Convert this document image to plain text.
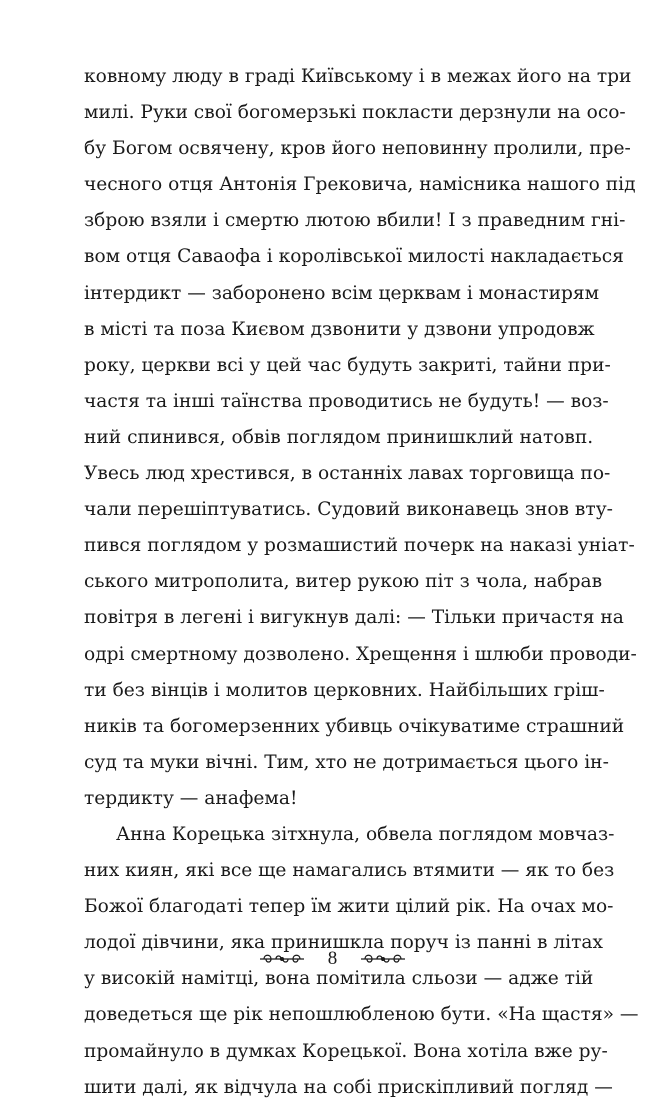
ковному люду в граді Київському і в межах його на три
милі. Руки свої богомерзькі покласти дерзнули на осо-
бу Богом освячену, кров його неповинну пролили, пре-
чесного отця Антонія Грековича, намісника нашого під
зброю взяли і смертю лютою вбили! І з праведним гні-
вом отця Саваофа і королівської милості накладається
інтердикт — заборонено всім церквам і монастирям
в місті та поза Києвом дзвонити у дзвони упродовж
року, церкви всі у цей час будуть закриті, тайни при-
частя та інші таїнства проводитись не будуть! — воз-
ний спинився, обвів поглядом принишклий натовп.
Увесь люд хрестився, в останніх лавах торговища по-
чали перешіптуватись. Судовий виконавець знов вту-
пився поглядом у розмашистий почерк на наказі уніат-
ського митрополита, витер рукою піт з чола, набрав
повітря в легені і вигукнув далі: — Тільки причастя на
одрі смертному дозволено. Хрещення і шлюби проводи-
ти без вінців і молитов церковних. Найбільших гріш-
ників та богомерзенних убивць очікуватиме страшний
суд та муки вічні. Тим, хто не дотримається цього ін-
тердикту — анафема!
Анна Корецька зітхнула, обвела поглядом мовчаз-
них киян, які все ще намагались втямити — як то без
Божої благодаті тепер їм жити цілий рік. На очах мо-
лодої дівчини, яка принишкла поруч із панні в літах
у високій намітці, вона помітила сльози — адже тій
доведеться ще рік непошлюбленою бути. «На щастя» —
промайнуло в думках Корецької. Вона хотіла вже ру-
шити далі, як відчула на собі прискіпливий погляд —
8
